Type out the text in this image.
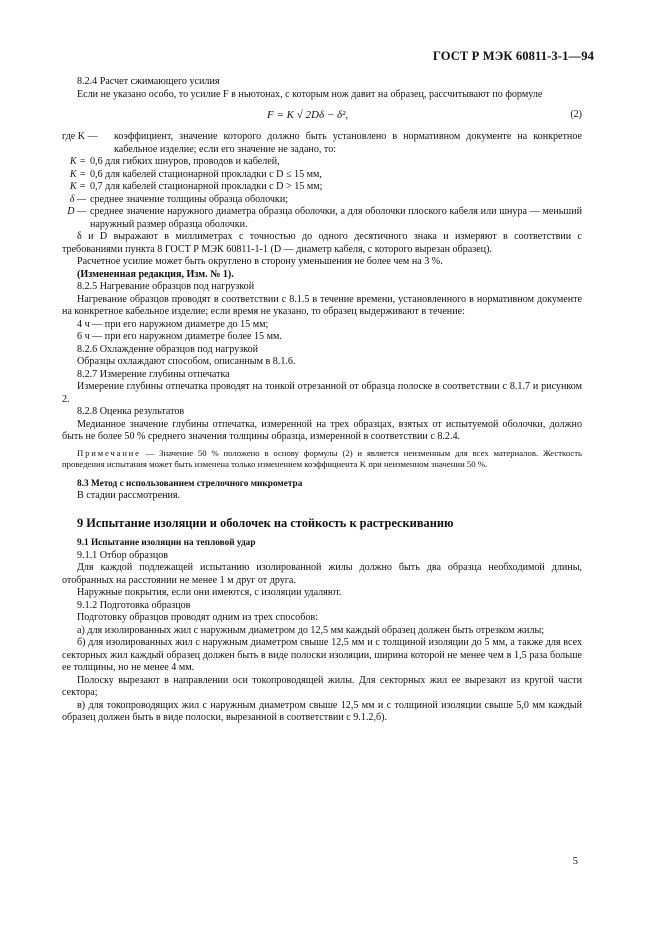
ГОСТ Р МЭК 60811-3-1—94

8.2.4 Расчет сжимающего усилия

Если не указано особо, то усилие F в ньютонах, с которым нож давит на образец, рассчитывают по формуле

F = K √ 2Dδ − δ²,	(2)
где K —	коэффициент, значение которого должно быть установлено в нормативном документе на конкретное кабельное изделие; если его значение не задано, то:
K = 0,6 для гибких шнуров, проводов и кабелей,
K = 0,6 для кабелей стационарной прокладки с D ≤ 15 мм,
K = 0,7 для кабелей стационарной прокладки с D > 15 мм;
δ — среднее значение толщины образца оболочки;
D — среднее значение наружного диаметра образца оболочки, а для оболочки плоского кабеля или шнура — меньший наружный размер образца оболочки.

δ и D выражают в миллиметрах с точностью до одного десятичного знака и измеряют в соответствии с требованиями пункта 8 ГОСТ Р МЭК 60811-1-1 (D — диаметр кабеля, с которого вырезан образец).

Расчетное усилие может быть округлено в сторону уменьшения не более чем на 3 %.

(Измененная редакция, Изм. № 1).

8.2.5 Нагревание образцов под нагрузкой

Нагревание образцов проводят в соответствии с 8.1.5 в течение времени, установленного в нормативном документе на конкретное кабельное изделие; если время не указано, то образец выдерживают в течение:

4 ч — при его наружном диаметре до 15 мм;

6 ч — при его наружном диаметре более 15 мм.

8.2.6 Охлаждение образцов под нагрузкой

Образцы охлаждают способом, описанным в 8.1.6.

8.2.7 Измерение глубины отпечатка

Измерение глубины отпечатка проводят на тонкой отрезанной от образца полоске в соответствии с 8.1.7 и рисунком 2.

8.2.8 Оценка результатов

Медианное значение глубины отпечатка, измеренной на трех образцах, взятых от испытуемой оболочки, должно быть не более 50 % среднего значения толщины образца, измеренной в соответствии с 8.2.4.

Примечание — Значение 50 % положено в основу формулы (2) и является неизменным для всех материалов. Жесткость проведения испытания может быть изменена только изменением коэффициента K при неизменном значении 50 %.

8.3 Метод с использованием стрелочного микрометра

В стадии рассмотрения.

9 Испытание изоляции и оболочек на стойкость к растрескиванию

9.1 Испытание изоляции на тепловой удар

9.1.1 Отбор образцов

Для каждой подлежащей испытанию изолированной жилы должно быть два образца необходимой длины, отобранных на расстоянии не менее 1 м друг от друга.

Наружные покрытия, если они имеются, с изоляции удаляют.

9.1.2 Подготовка образцов

Подготовку образцов проводят одним из трех способов:

а) для изолированных жил с наружным диаметром до 12,5 мм каждый образец должен быть отрезком жилы;

б) для изолированных жил с наружным диаметром свыше 12,5 мм и с толщиной изоляции до 5 мм, а также для всех секторных жил каждый образец должен быть в виде полоски изоляции, ширина которой не менее чем в 1,5 раза больше ее толщины, но не менее 4 мм.

Полоску вырезают в направлении оси токопроводящей жилы. Для секторных жил ее вырезают из кругой части сектора;

в) для токопроводящих жил с наружным диаметром свыше 12,5 мм и с толщиной изоляции свыше 5,0 мм каждый образец должен быть в виде полоски, вырезанной в соответствии с 9.1.2,б).

5
